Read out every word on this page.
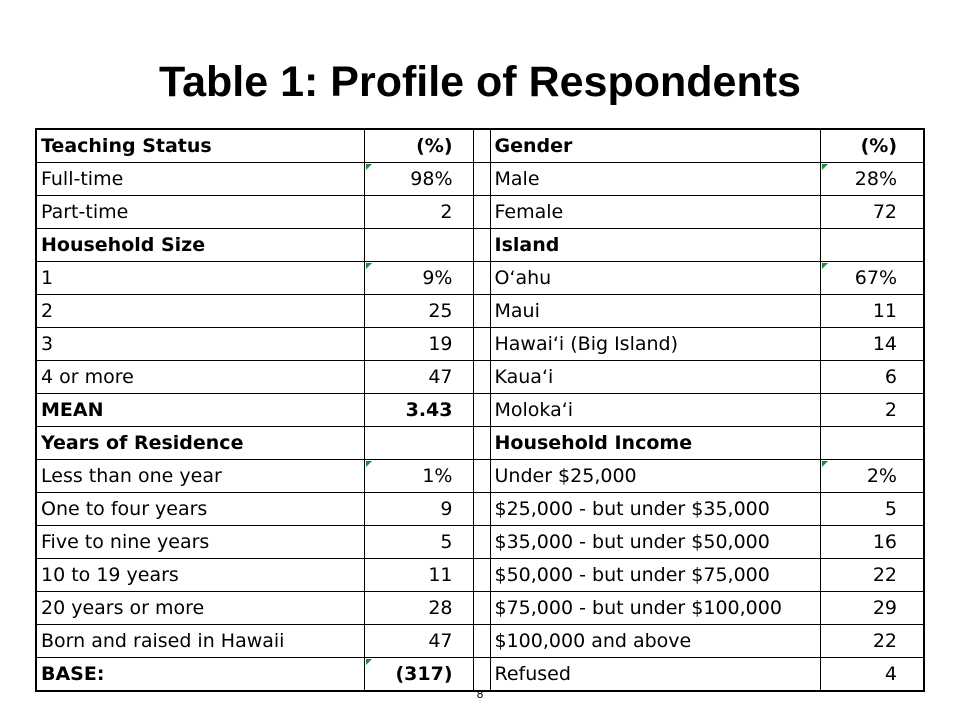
Table 1: Profile of Respondents
Teaching Status	(%)		Gender	(%)
Full-time	98%		Male	28%
Part-time	2		Female	72
Household Size			Island	
1	9%		O‘ahu	67%
2	25		Maui	11
3	19		Hawai‘i (Big Island)	14
4 or more	47		Kaua‘i	6
MEAN	3.43		Moloka‘i	2
Years of Residence			Household Income	
Less than one year	1%		Under $25,000	2%
One to four years	9		$25,000 - but under $35,000	5
Five to nine years	5		$35,000 - but under $50,000	16
10 to 19 years	11		$50,000 - but under $75,000	22
20 years or more	28		$75,000 - but under $100,000	29
Born and raised in Hawaii	47		$100,000 and above	22
BASE:	(317)		Refused	4
8
